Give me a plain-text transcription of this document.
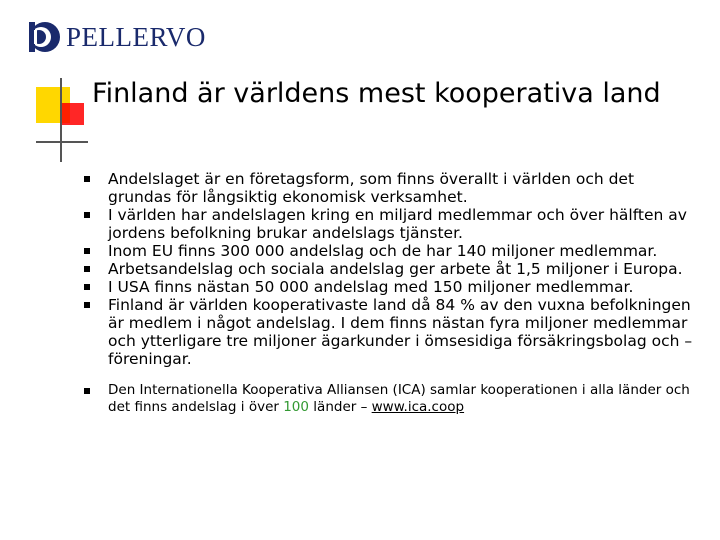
PELLERVO
Finland är världens mest kooperativa land
Andelslaget är en företagsform, som finns överallt i världen och det grundas för långsiktig ekonomisk verksamhet.
I världen har andelslagen kring en miljard medlemmar och över hälften av jordens befolkning brukar andelslags tjänster.
Inom EU finns 300 000 andelslag och de har 140 miljoner medlemmar.
Arbetsandelslag och sociala andelslag ger arbete åt 1,5 miljoner i Europa.
I USA finns nästan 50 000 andelslag med 150 miljoner medlemmar.
Finland är världen kooperativaste land då 84 % av den vuxna befolkningen är medlem i något andelslag. I dem finns nästan fyra miljoner medlemmar och ytterligare tre miljoner ägarkunder i ömsesidiga försäkringsbolag och –föreningar.
Den Internationella Kooperativa Alliansen (ICA) samlar kooperationen i alla länder och det finns andelslag i över 100 länder – www.ica.coop
